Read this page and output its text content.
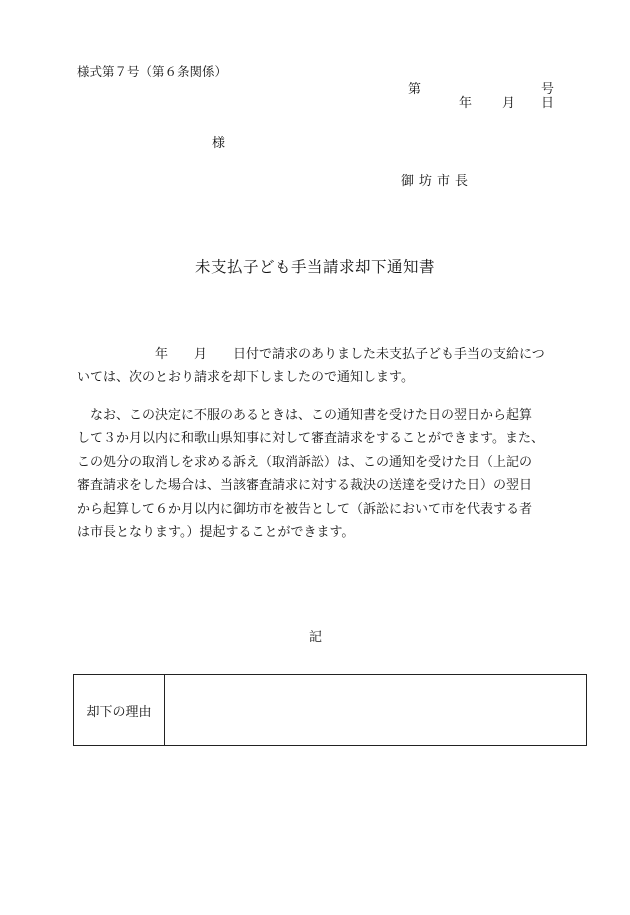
様式第７号（第６条関係）
第	号
年 月 日
様
御坊市長
未支払子ども手当請求却下通知書
　　　　　　年　　月　　日付で請求のありました未支払子ども手当の支給につ
いては、次のとおり請求を却下しましたので通知します。
　なお、この決定に不服のあるときは、この通知書を受けた日の翌日から起算
して３か月以内に和歌山県知事に対して審査請求をすることができます。また、
この処分の取消しを求める訴え（取消訴訟）は、この通知を受けた日（上記の
審査請求をした場合は、当該審査請求に対する裁決の送達を受けた日）の翌日
から起算して６か月以内に御坊市を被告として（訴訟において市を代表する者
は市長となります。）提起することができます。
記
却下の理由
